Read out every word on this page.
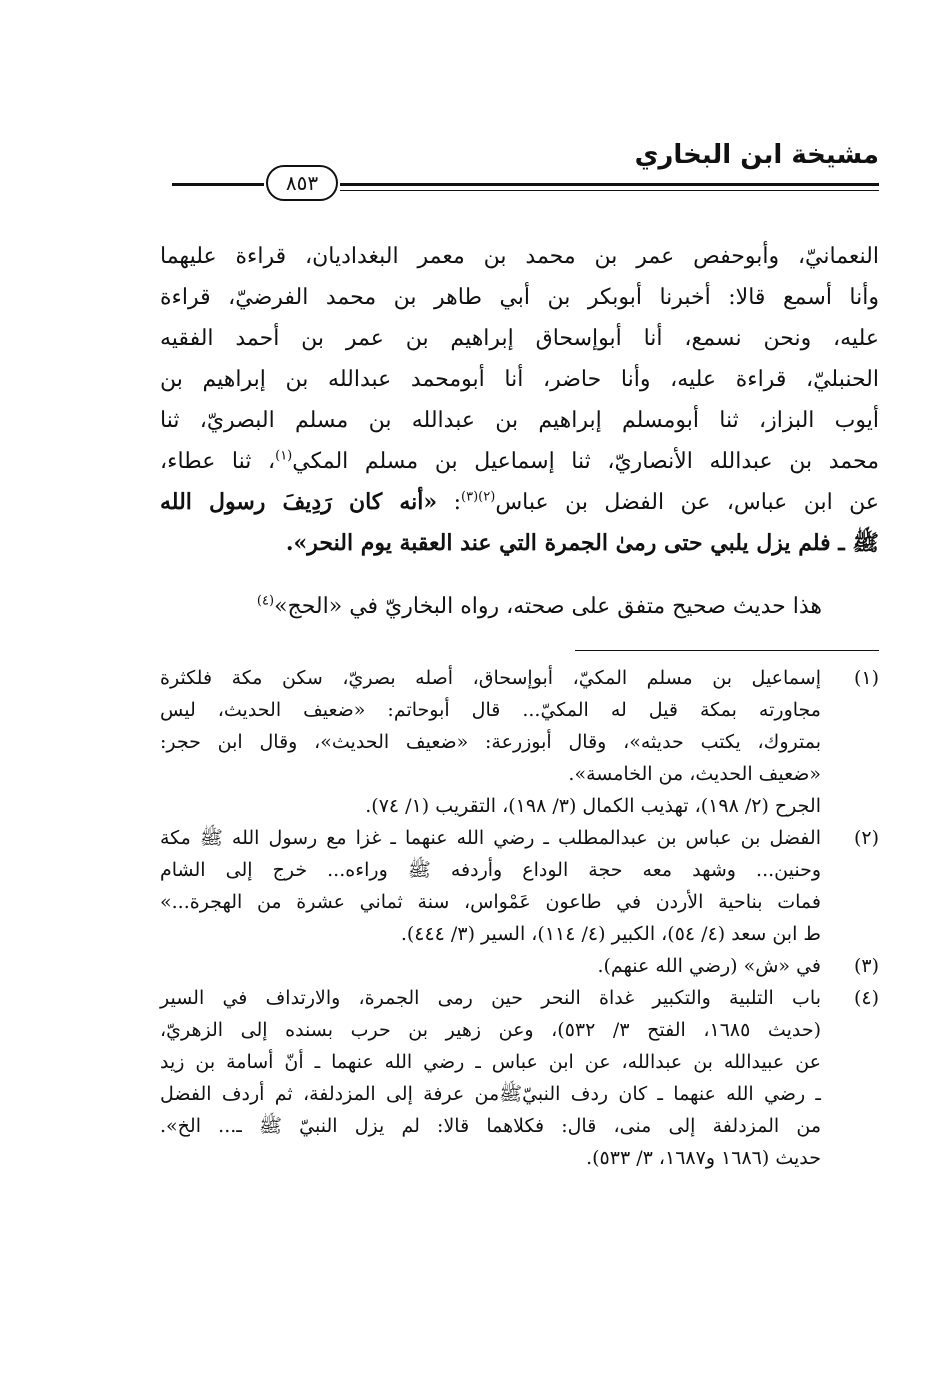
مشيخة ابن البخاري
٨٥٣
النعمانيّ، وأبوحفص عمر بن محمد بن معمر البغداديان، قراءة عليهما
وأنا أسمع قالا: أخبرنا أبوبكر بن أبي طاهر بن محمد الفرضيّ، قراءة
عليه، ونحن نسمع، أنا أبوإسحاق إبراهيم بن عمر بن أحمد الفقيه
الحنبليّ، قراءة عليه، وأنا حاضر، أنا أبومحمد عبدالله بن إبراهيم بن
أيوب البزاز، ثنا أبومسلم إبراهيم بن عبدالله بن مسلم البصريّ، ثنا
محمد بن عبدالله الأنصاريّ، ثنا إسماعيل بن مسلم المكي$^{(١)}$، ثنا عطاء،
عن ابن عباس، عن الفضل بن عباس$^{(٢)(٣)}$: «أنه كان رَدِيفَ رسول الله
ﷺ ـ فلم يزل يلبي حتى رمىٰ الجمرة التي عند العقبة يوم النحر».
هذا حديث صحيح متفق على صحته، رواه البخاريّ في «الحج»$^{(٤)}$
(١)
إسماعيل بن مسلم المكيّ، أبوإسحاق، أصله بصريّ، سكن مكة فلكثرة
مجاورته بمكة قيل له المكيّ... قال أبوحاتم: «ضعيف الحديث، ليس
بمتروك، يكتب حديثه»، وقال أبوزرعة: «ضعيف الحديث»، وقال ابن حجر:
«ضعيف الحديث، من الخامسة».
الجرح (٢/ ١٩٨)، تهذيب الكمال (٣/ ١٩٨)، التقريب (١/ ٧٤).
(٢)
الفضل بن عباس بن عبدالمطلب ـ رضي الله عنهما ـ غزا مع رسول الله ﷺ مكة
وحنين... وشهد معه حجة الوداع وأردفه ﷺ وراءه... خرج إلى الشام
فمات بناحية الأردن في طاعون عَمْواس، سنة ثماني عشرة من الهجرة...»
ط ابن سعد (٤/ ٥٤)، الكبير (٤/ ١١٤)، السير (٣/ ٤٤٤).
(٣)
في «ش» (رضي الله عنهم).
(٤)
باب التلبية والتكبير غداة النحر حين رمى الجمرة، والارتداف في السير
(حديث ١٦٨٥، الفتح ٣/ ٥٣٢)، وعن زهير بن حرب بسنده إلى الزهريّ،
عن عبيدالله بن عبدالله، عن ابن عباس ـ رضي الله عنهما ـ أنّ أسامة بن زيد
ـ رضي الله عنهما ـ كان ردف النبيّﷺمن عرفة إلى المزدلفة، ثم أردف الفضل
من المزدلفة إلى منى، قال: فكلاهما قالا: لم يزل النبيّ ﷺ ـ... الخ».
حديث (١٦٨٦ و١٦٨٧، ٣/ ٥٣٣).
